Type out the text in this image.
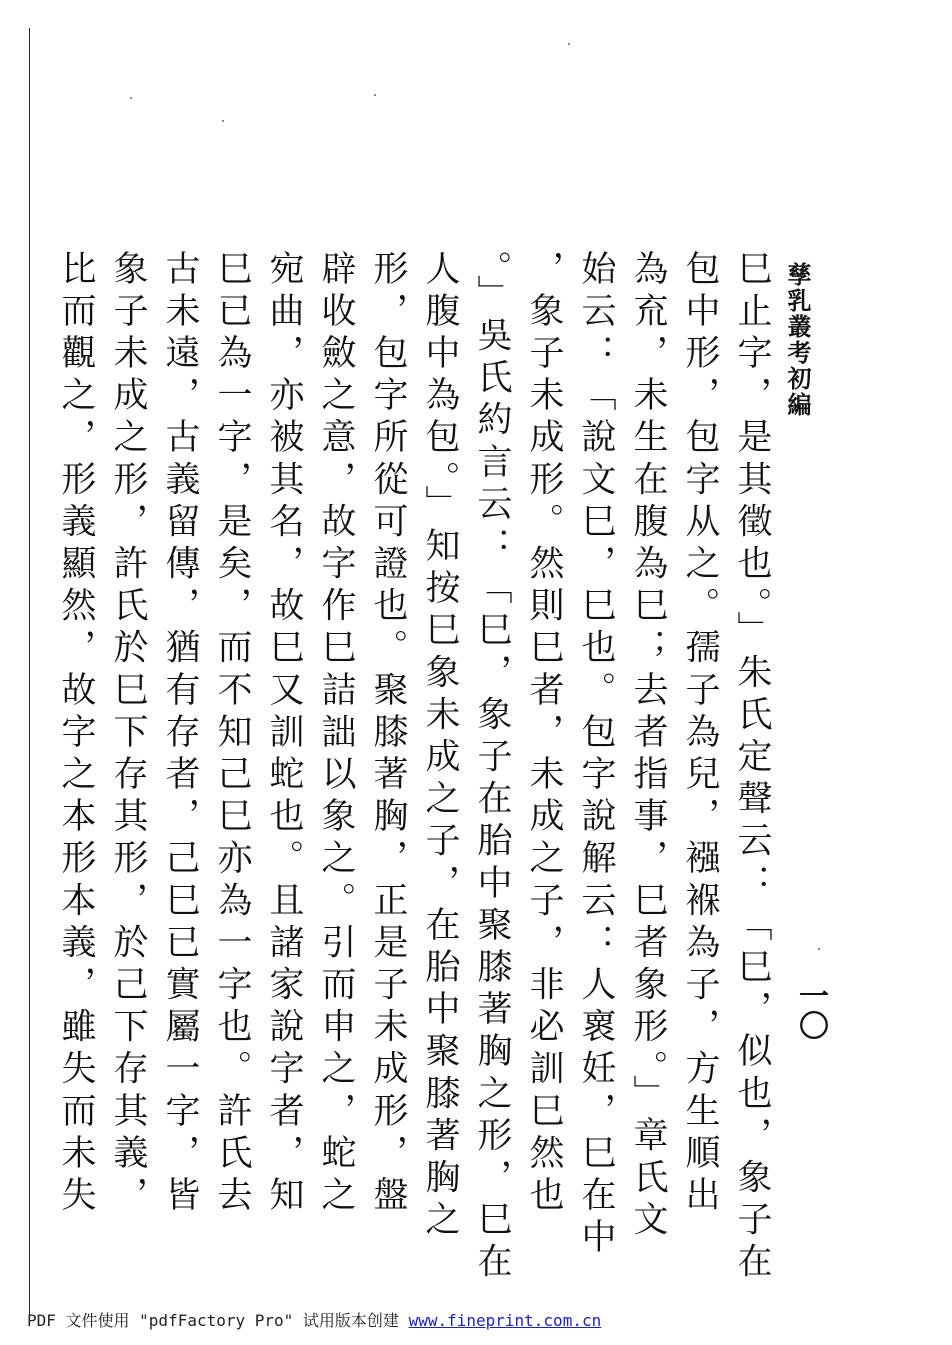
孳乳叢考初編
一〇
巳止字，是其徵也。」朱氏定聲云：「巳，似也，象子在
包中形，包字从之。孺子為兒，襁褓為子，方生順出
為㐬，未生在腹為巳；去者指事，巳者象形。」章氏文
始云：「說文巳，巳也。包字說解云：人褱妊，巳在中
，象子未成形。然則巳者，未成之子，非必訓巳然也
。」吳氏約言云：「巳，象子在胎中聚膝著胸之形，巳在
人腹中為包。」知按巳象未成之子，在胎中聚膝著胸之
形，包字所從可證也。聚膝著胸，正是子未成形，盤
辟收斂之意，故字作巳詰詘以象之。引而申之，蛇之
宛曲，亦被其名，故巳又訓蛇也。且諸家說字者，知
巳已為一字，是矣，而不知己巳亦為一字也。許氏去
古未遠，古義留傳，猶有存者，己巳已實屬一字，皆
象子未成之形，許氏於巳下存其形，於己下存其義，
比而觀之，形義顯然，故字之本形本義，雖失而未失
PDF 文件使用 "pdfFactory Pro" 试用版本创建 www.fineprint.com.cn
